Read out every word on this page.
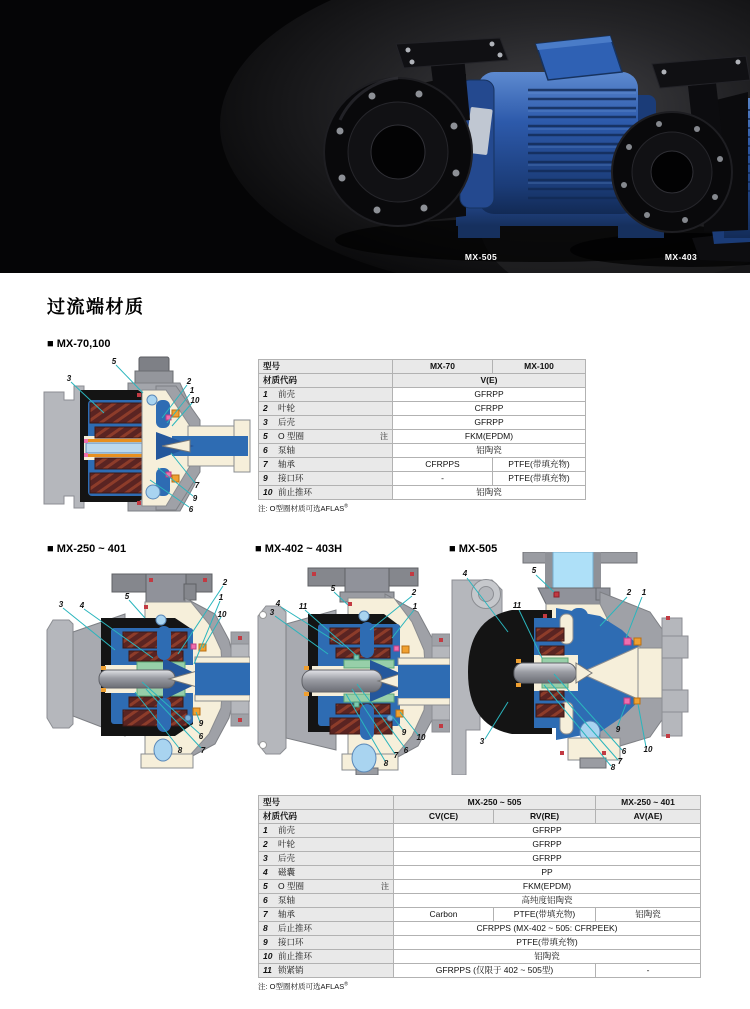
MX-505	MX-403
过流端材质
■ MX-70,100
■ MX-250 ~ 401	■ MX-402 ~ 403H	■ MX-505
5
3	2
1
10
7
9
6
3 4
5
2
1
10
9
6
7
8
5
4 11
3
2
1
9
10
6
7
8
4	5
11
2 1
3
9
10
6
7
8
型号	MX-70	MX-100
材质代码	V(E)	
1 前壳	GFRPP	
2 叶轮	CFRPP	
3 后壳	GFRPP	
5 O 型圈 注	FKM(EPDM)	
6 泵轴	铝陶瓷	
7 轴承	CFRPPS	PTFE(带填充物)
9 接口环	-	PTFE(带填充物)
10 前止推环	铝陶瓷	
注: O型圈材质可选AFLAS®
型号	MX-250 ~ 505		MX-250 ~ 401
材质代码	CV(CE)	RV(RE)	AV(AE)
1 前壳	GFRPP		
2 叶轮	GFRPP		
3 后壳	GFRPP		
4 磁囊	PP		
5 O 型圈 注	FKM(EPDM)		
6 泵轴	高纯度铝陶瓷		
7 轴承	Carbon	PTFE(带填充物)	铝陶瓷
8 后止推环	CFRPPS (MX-402 ~ 505: CFRPEEK)		
9 接口环	PTFE(带填充物)		
10 前止推环	铝陶瓷		
11 锁紧销	GFRPPS (仅限于 402 ~ 505型)		-
注: O型圈材质可选AFLAS®
